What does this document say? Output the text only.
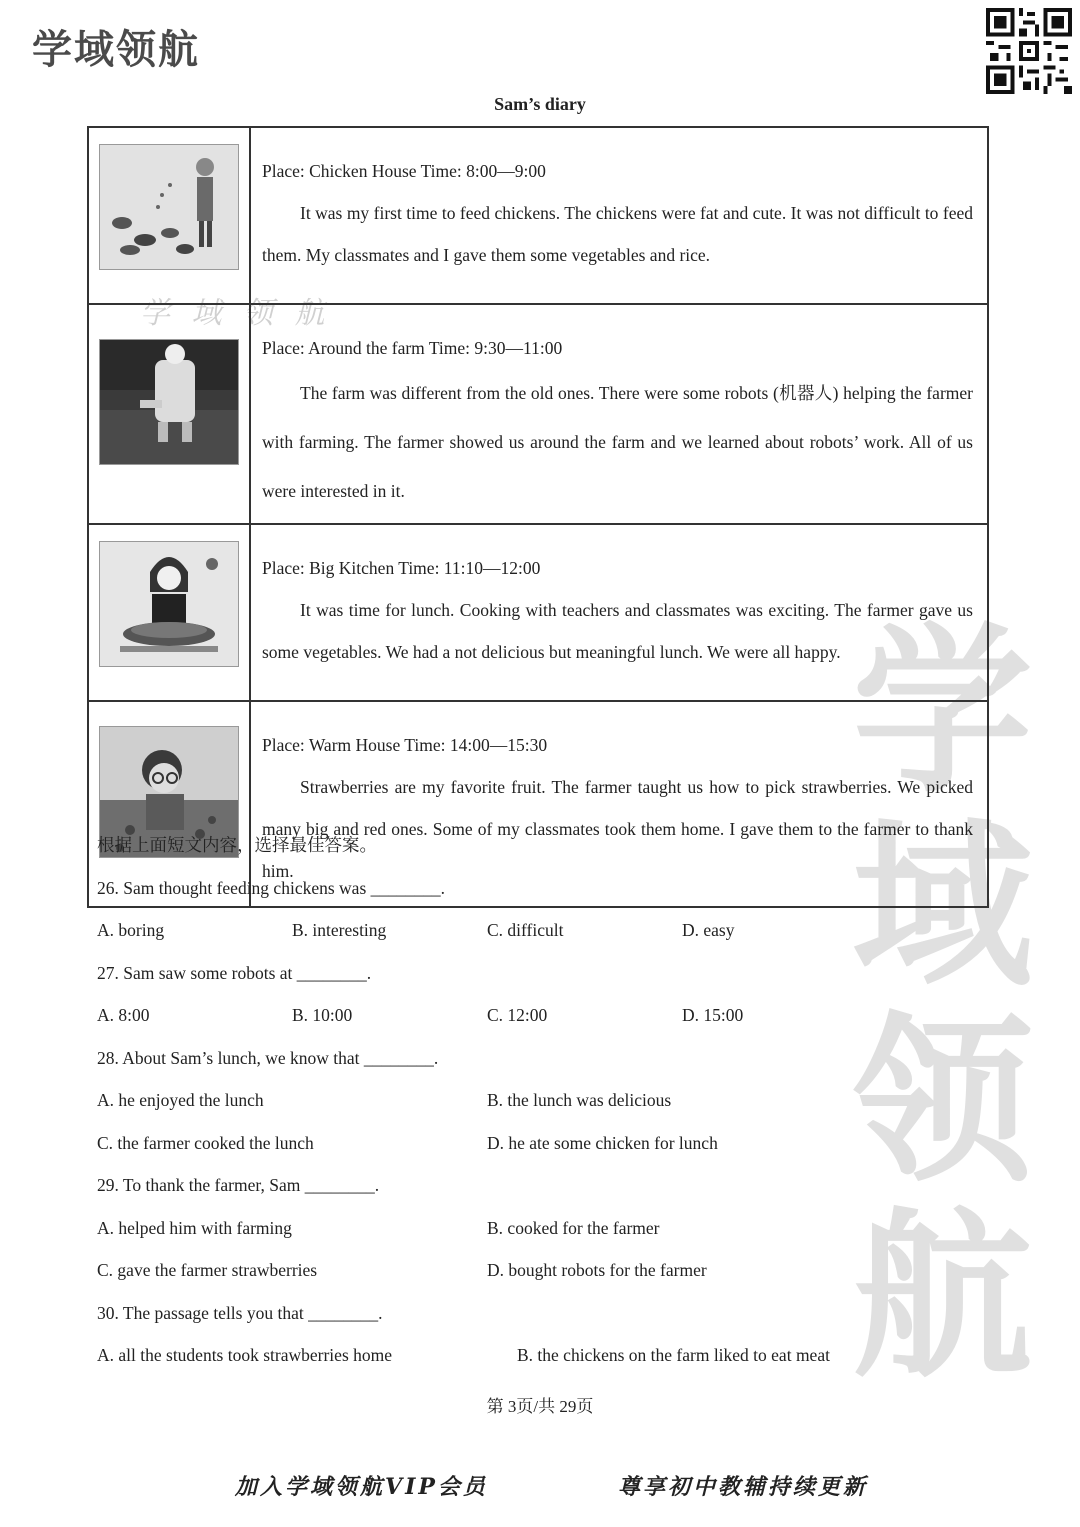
学域领航
学 域 领 航
学
域
领
航
Sam’s diary

Place: Chicken House Time: 8:00—9:00

It was my first time to feed chickens. The chickens were fat and cute. It was not difficult to feed them. My classmates and I gave them some vegetables and rice.

Place: Around the farm Time: 9:30—11:00

The farm was different from the old ones. There were some robots (机器人) helping the farmer with farming. The farmer showed us around the farm and we learned about robots’ work. All of us were interested in it.

Place: Big Kitchen Time: 11:10—12:00

It was time for lunch. Cooking with teachers and classmates was exciting. The farmer gave us some vegetables. We had a not delicious but meaningful lunch. We were all happy.

Place: Warm House Time: 14:00—15:30

Strawberries are my favorite fruit. The farmer taught us how to pick strawberries. We picked many big and red ones. Some of my classmates took them home. I gave them to the farmer to thank him.

根据上面短文内容，选择最佳答案。
26. Sam thought feeding chickens was ________.
A. boring	B. interesting	C. difficult	D. easy
27. Sam saw some robots at ________.
A. 8:00	B. 10:00	C. 12:00	D. 15:00
28. About Sam’s lunch, we know that ________.
A. he enjoyed the lunch	B. the lunch was delicious
C. the farmer cooked the lunch	D. he ate some chicken for lunch
29. To thank the farmer, Sam ________.
A. helped him with farming	B. cooked for the farmer
C. gave the farmer strawberries	D. bought robots for the farmer
30. The passage tells you that ________.
A. all the students took strawberries home	B. the chickens on the farm liked to eat meat
第 3页/共 29页
加入学域领航VIP会员	尊享初中教辅持续更新
